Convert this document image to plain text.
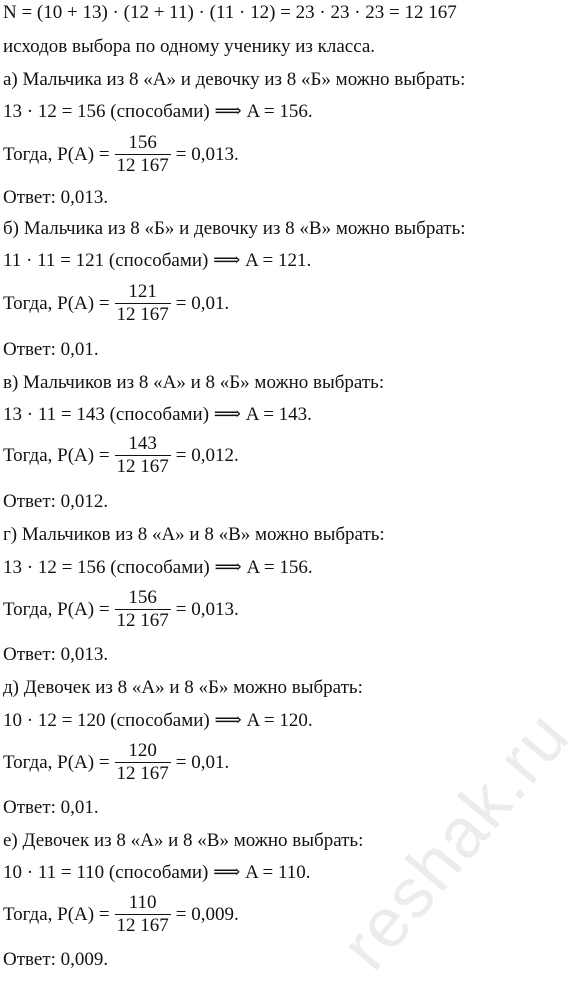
N = (10 + 13) · (12 + 11) · (11 · 12) = 23 · 23 · 23 = 12 167
исходов выбора по одному ученику из класса.
а) Мальчика из 8 «А» и девочку из 8 «Б» можно выбрать:
13 · 12 = 156 (способами) ⟹ A = 156.
Тогда, $P(A) = \frac{156}{12 167} = 0,013$.
Ответ: 0,013.
б) Мальчика из 8 «Б» и девочку из 8 «В» можно выбрать:
11 · 11 = 121 (способами) ⟹ A = 121.
Тогда, $P(A) = \frac{121}{12 167} = 0,01$.
Ответ: 0,01.
в) Мальчиков из 8 «А» и 8 «Б» можно выбрать:
13 · 11 = 143 (способами) ⟹ A = 143.
Тогда, $P(A) = \frac{143}{12 167} = 0,012$.
Ответ: 0,012.
г) Мальчиков из 8 «А» и 8 «В» можно выбрать:
13 · 12 = 156 (способами) ⟹ A = 156.
Тогда, $P(A) = \frac{156}{12 167} = 0,013$.
Ответ: 0,013.
д) Девочек из 8 «А» и 8 «Б» можно выбрать:
10 · 12 = 120 (способами) ⟹ A = 120.
Тогда, $P(A) = \frac{120}{12 167} = 0,01$.
Ответ: 0,01.
е) Девочек из 8 «А» и 8 «В» можно выбрать:
10 · 11 = 110 (способами) ⟹ A = 110.
Тогда, $P(A) = \frac{110}{12 167} = 0,009$.
Ответ: 0,009.	reshak.ru
